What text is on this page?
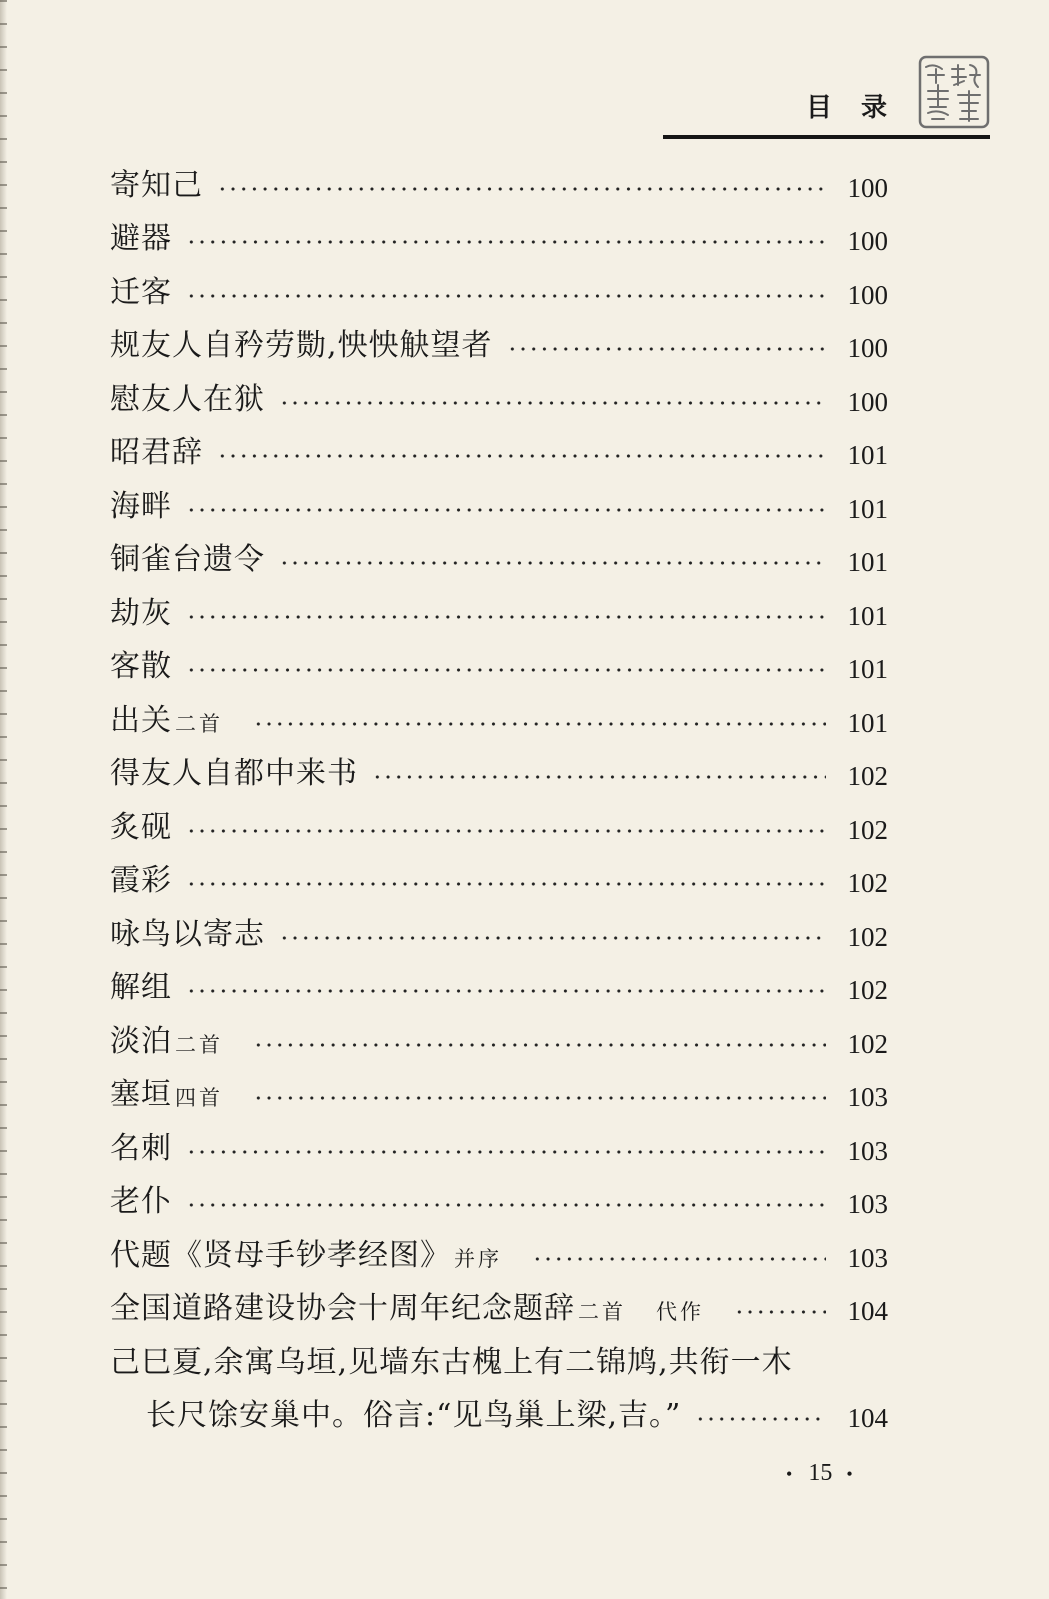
目 录
寄知己	100
避器	100
迁客	100
规友人自矜劳勚,怏怏觖望者	100
慰友人在狱	100
昭君辞	101
海畔	101
铜雀台遗令	101
劫灰	101
客散	101
出关 二首	101
得友人自都中来书	102
炙砚	102
霞彩	102
咏鸟以寄志	102
解组	102
淡泊 二首	102
塞垣 四首	103
名刺	103
老仆	103
代题《贤母手钞孝经图》 并序	103
全国道路建设协会十周年纪念题辞 二首 代作	104
己巳夏,余寓乌垣,见墙东古槐上有二锦鸠,共衔一木
长尺馀安巢中。俗言:“见鸟巢上梁,吉。”	104
• 15 •
